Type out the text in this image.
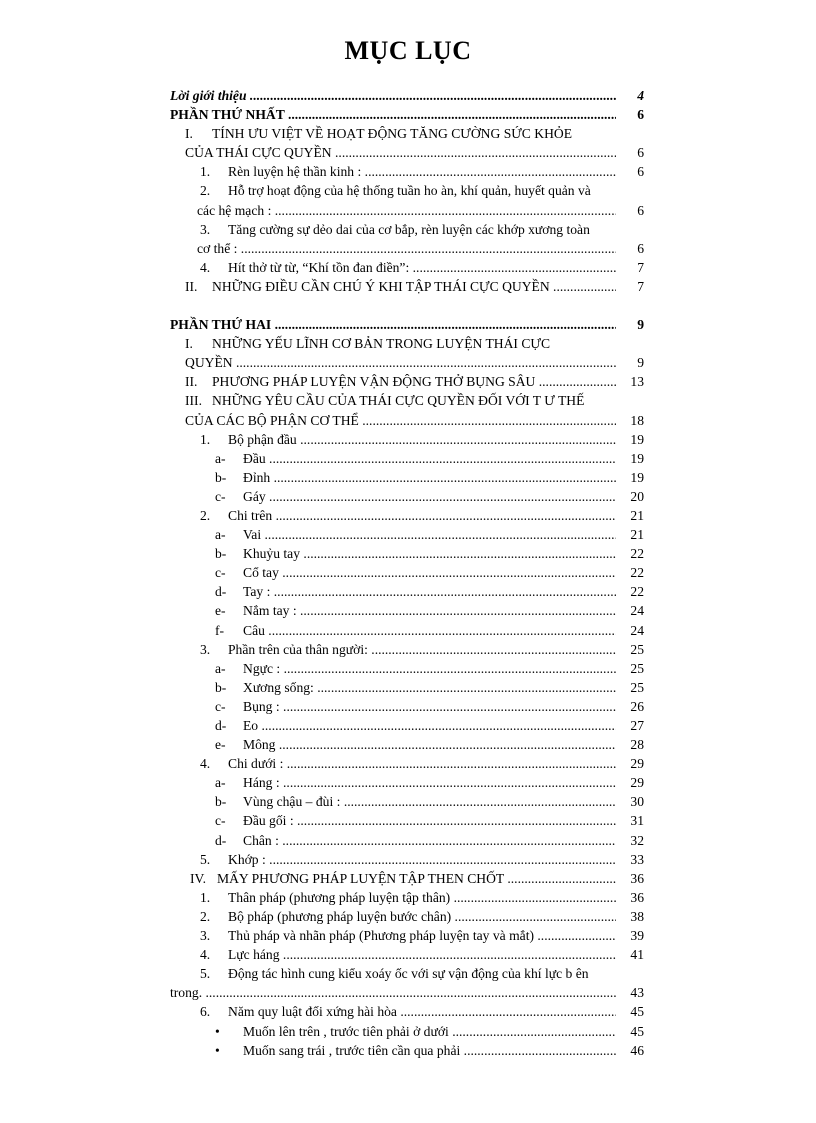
MỤC LỤC
Lời giới thiệu .....	4
PHẦN THỨ NHẤT .....	6
I. TÍNH ƯU VIỆT VỀ HOẠT ĐỘNG TĂNG CƯỜNG SỨC KHỎE
CỦA THÁI CỰC QUYỀN .....	6
1. Rèn luyện hệ thần kinh : .....	6
2. Hỗ trợ hoạt động của hệ thống tuần ho àn, khí quản, huyết quản và
các hệ mạch : .....	6
3. Tăng cường sự dẻo dai của cơ bắp, rèn luyện các khớp xương toàn
cơ thể : .....	6
4. Hít thở từ từ, “Khí tồn đan điền”: .....	7
II. NHỮNG ĐIỀU CẦN CHÚ Ý KHI TẬP THÁI CỰC QUYỀN .....	7
PHẦN THỨ HAI .....	9
I. NHỮNG YẾU LĨNH CƠ BẢN TRONG LUYỆN THÁI CỰC
QUYỀN .....	9
II. PHƯƠNG PHÁP LUYỆN VẬN ĐỘNG THỞ BỤNG SÂU .....	13
III. NHỮNG YÊU CẦU CỦA THÁI CỰC QUYỀN ĐỐI VỚI T Ư THẾ
CỦA CÁC BỘ PHẬN CƠ THỂ .....	18
1. Bộ phận đầu .....	19
a- Đầu .....	19
b- Đỉnh .....	19
c- Gáy .....	20
2. Chi trên .....	21
a- Vai .....	21
b- Khuỷu tay .....	22
c- Cổ tay .....	22
d- Tay : .....	22
e- Nắm tay : .....	24
f- Câu .....	24
3. Phần trên của thân người: .....	25
a- Ngực : .....	25
b- Xương sống: .....	25
c- Bụng : .....	26
d- Eo .....	27
e- Mông .....	28
4. Chi dưới : .....	29
a- Háng : .....	29
b- Vùng chậu – đùi : .....	30
c- Đầu gối : .....	31
d- Chân : .....	32
5. Khớp : .....	33
IV. MẤY PHƯƠNG PHÁP LUYỆN TẬP THEN CHỐT .....	36
1. Thân pháp (phương pháp luyện tập thân) .....	36
2. Bộ pháp (phương pháp luyện bước chân) .....	38
3. Thủ pháp và nhãn pháp (Phương pháp luyện tay và mắt) .....	39
4. Lực háng .....	41
5. Động tác hình cung kiểu xoáy ốc với sự vận động của khí lực b ên
trong. .....	43
6. Năm quy luật đối xứng hài hòa .....	45
• Muốn lên trên , trước tiên phải ở dưới .....	45
• Muốn sang trái , trước tiên cần qua phải .....	46
